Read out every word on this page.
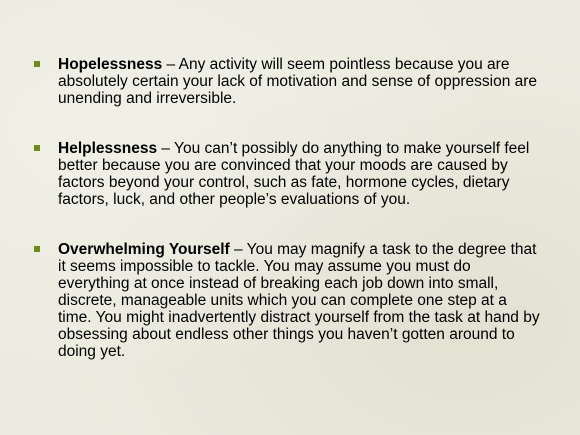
Hopelessness – Any activity will seem pointless because you are absolutely certain your lack of motivation and sense of oppression are unending and irreversible.
Helplessness – You can’t possibly do anything to make yourself feel better because you are convinced that your moods are caused by factors beyond your control, such as fate, hormone cycles, dietary factors, luck, and other people’s evaluations of you.
Overwhelming Yourself – You may magnify a task to the degree that it seems impossible to tackle. You may assume you must do everything at once instead of breaking each job down into small, discrete, manageable units which you can complete one step at a time. You might inadvertently distract yourself from the task at hand by obsessing about endless other things you haven’t gotten around to doing yet.
